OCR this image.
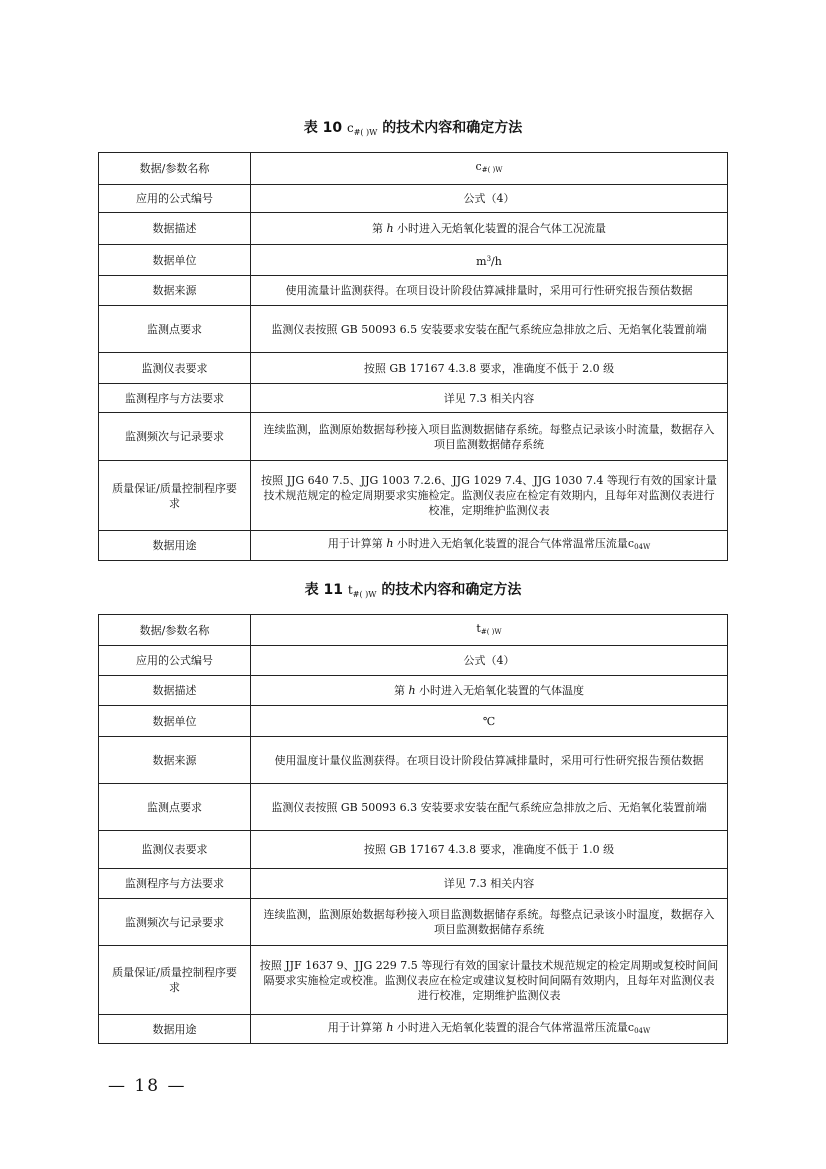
表 10 $c_{\#( )W}$ 的技术内容和确定方法
数据/参数名称	$c_{\#( )W}$
应用的公式编号	公式（4）
数据描述	第 h 小时进入无焰氧化装置的混合气体工况流量
数据单位	$m^3/h$
数据来源	使用流量计监测获得。在项目设计阶段估算减排量时，采用可行性研究报告预估数据
监测点要求	监测仪表按照 GB 50093 6.5 安装要求安装在配气系统应急排放之后、无焰氧化装置前端
监测仪表要求	按照 GB 17167 4.3.8 要求，准确度不低于 2.0 级
监测程序与方法要求	详见 7.3 相关内容
监测频次与记录要求	连续监测，监测原始数据每秒接入项目监测数据储存系统。每整点记录该小时流量，数据存入项目监测数据储存系统
质量保证/质量控制程序要求	按照 JJG 640 7.5、JJG 1003 7.2.6、JJG 1029 7.4、JJG 1030 7.4 等现行有效的国家计量技术规范规定的检定周期要求实施检定。监测仪表应在检定有效期内，且每年对监测仪表进行校准，定期维护监测仪表
数据用途	用于计算第 h 小时进入无焰氧化装置的混合气体常温常压流量$c_{04W}$
表 11 $t_{\#( )W}$ 的技术内容和确定方法
数据/参数名称	$t_{\#( )W}$
应用的公式编号	公式（4）
数据描述	第 h 小时进入无焰氧化装置的气体温度
数据单位	℃
数据来源	使用温度计量仪监测获得。在项目设计阶段估算减排量时，采用可行性研究报告预估数据
监测点要求	监测仪表按照 GB 50093 6.3 安装要求安装在配气系统应急排放之后、无焰氧化装置前端
监测仪表要求	按照 GB 17167 4.3.8 要求，准确度不低于 1.0 级
监测程序与方法要求	详见 7.3 相关内容
监测频次与记录要求	连续监测，监测原始数据每秒接入项目监测数据储存系统。每整点记录该小时温度，数据存入项目监测数据储存系统
质量保证/质量控制程序要求	按照 JJF 1637 9、JJG 229 7.5 等现行有效的国家计量技术规范规定的检定周期或复校时间间隔要求实施检定或校准。监测仪表应在检定或建议复校时间间隔有效期内，且每年对监测仪表进行校准，定期维护监测仪表
数据用途	用于计算第 h 小时进入无焰氧化装置的混合气体常温常压流量$c_{04W}$
— 18 —
